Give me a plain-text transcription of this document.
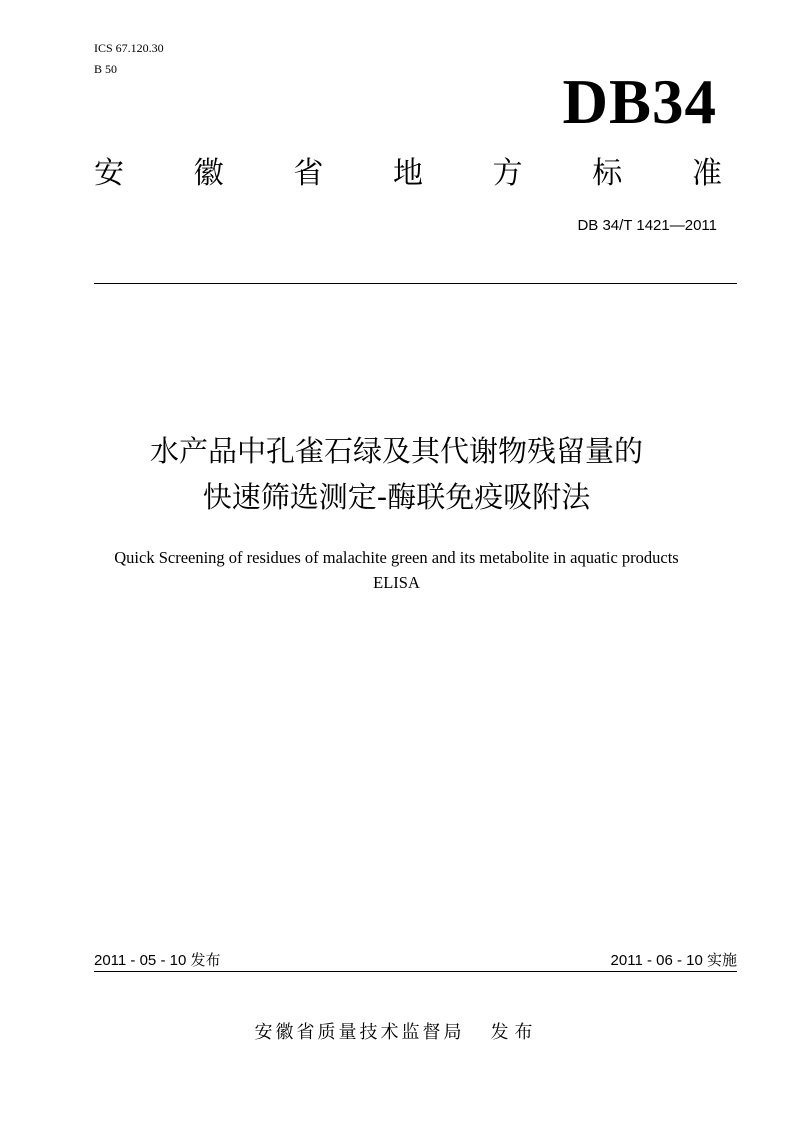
ICS 67.120.30
B 50	DB34
安 徽 省 地 方 标 准
DB 34/T 1421—2011
水产品中孔雀石绿及其代谢物残留量的
快速筛选测定-酶联免疫吸附法
Quick Screening of residues of malachite green and its metabolite in aquatic products
ELISA
2011 - 05 - 10 发布	2011 - 06 - 10 实施
安徽省质量技术监督局 发布
